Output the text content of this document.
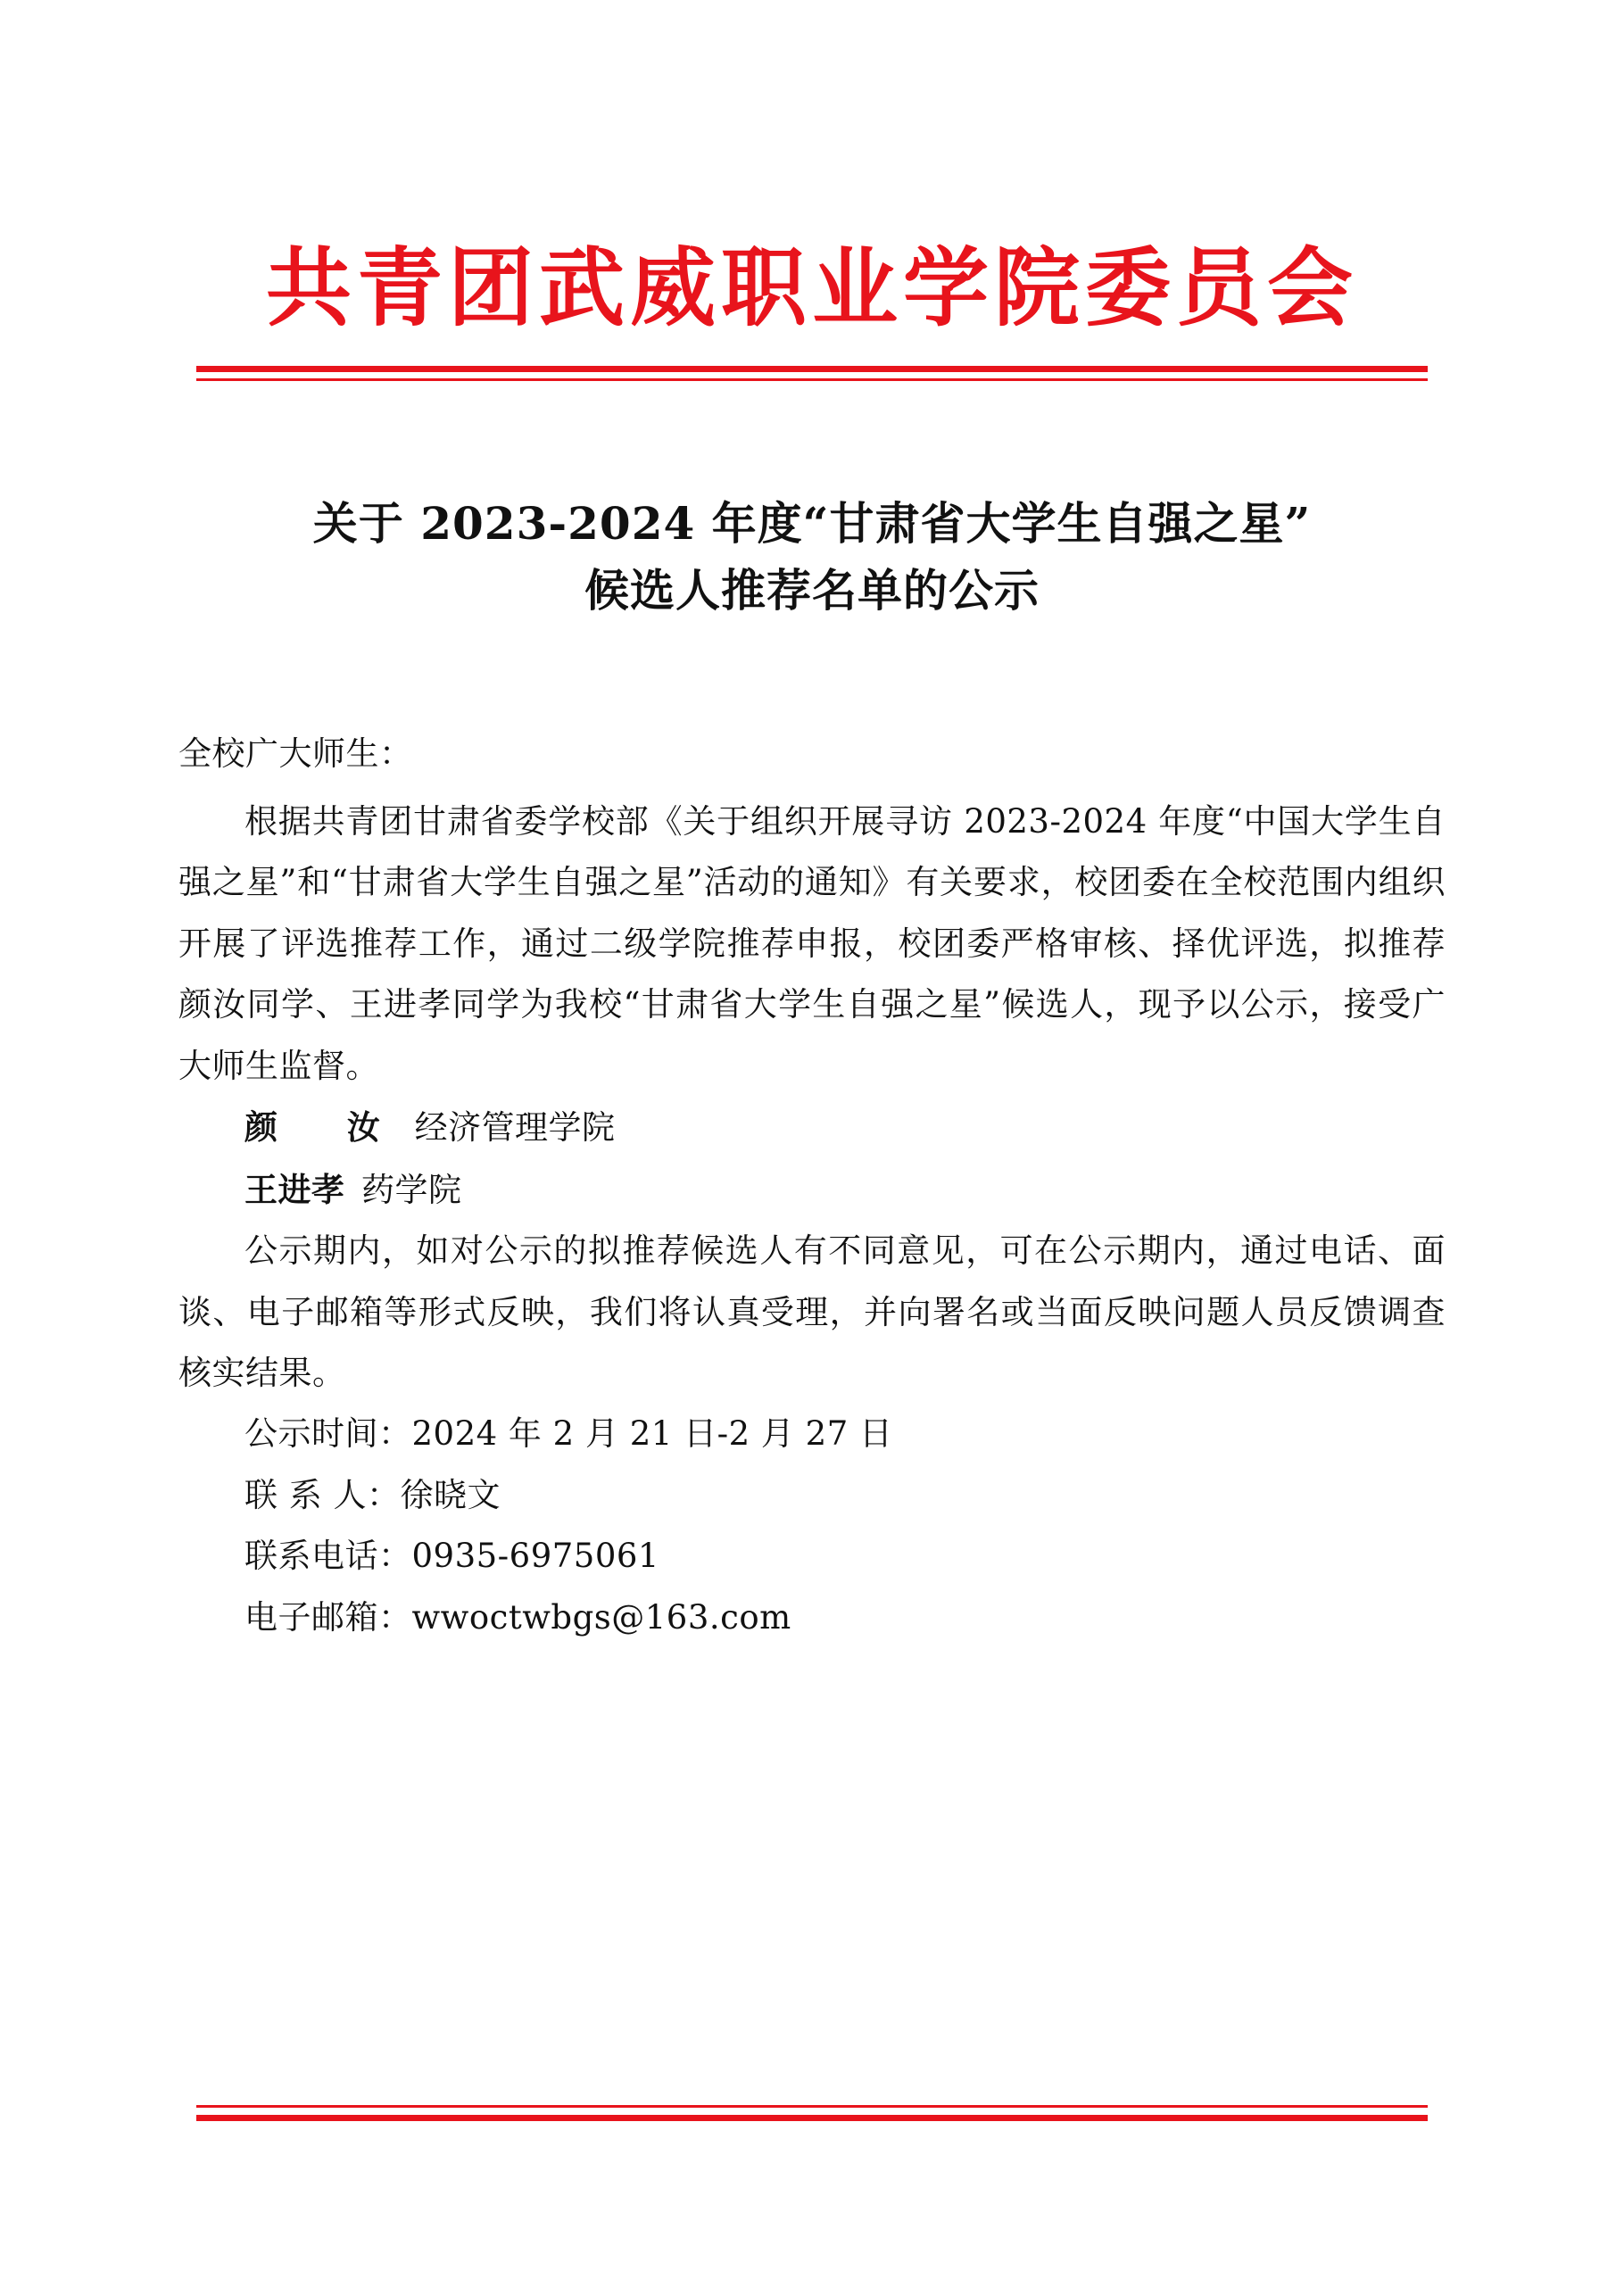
共青团武威职业学院委员会
关于 2023-2024 年度“甘肃省大学生自强之星”
候选人推荐名单的公示

全校广大师生：

根据共青团甘肃省委学校部《关于组织开展寻访 2023-2024 年度“中国大学生自强之星”和“甘肃省大学生自强之星”活动的通知》有关要求，校团委在全校范围内组织开展了评选推荐工作，通过二级学院推荐申报，校团委严格审核、择优评选，拟推荐颜汝同学、王进孝同学为我校“甘肃省大学生自强之星”候选人，现予以公示，接受广大师生监督。

颜　汝 经济管理学院

王进孝 药学院

公示期内，如对公示的拟推荐候选人有不同意见，可在公示期内，通过电话、面谈、电子邮箱等形式反映，我们将认真受理，并向署名或当面反映问题人员反馈调查核实结果。

公示时间：2024 年 2 月 21 日-2 月 27 日

联 系 人：徐晓文

联系电话：0935-6975061

电子邮箱：wwoctwbgs@163.com
